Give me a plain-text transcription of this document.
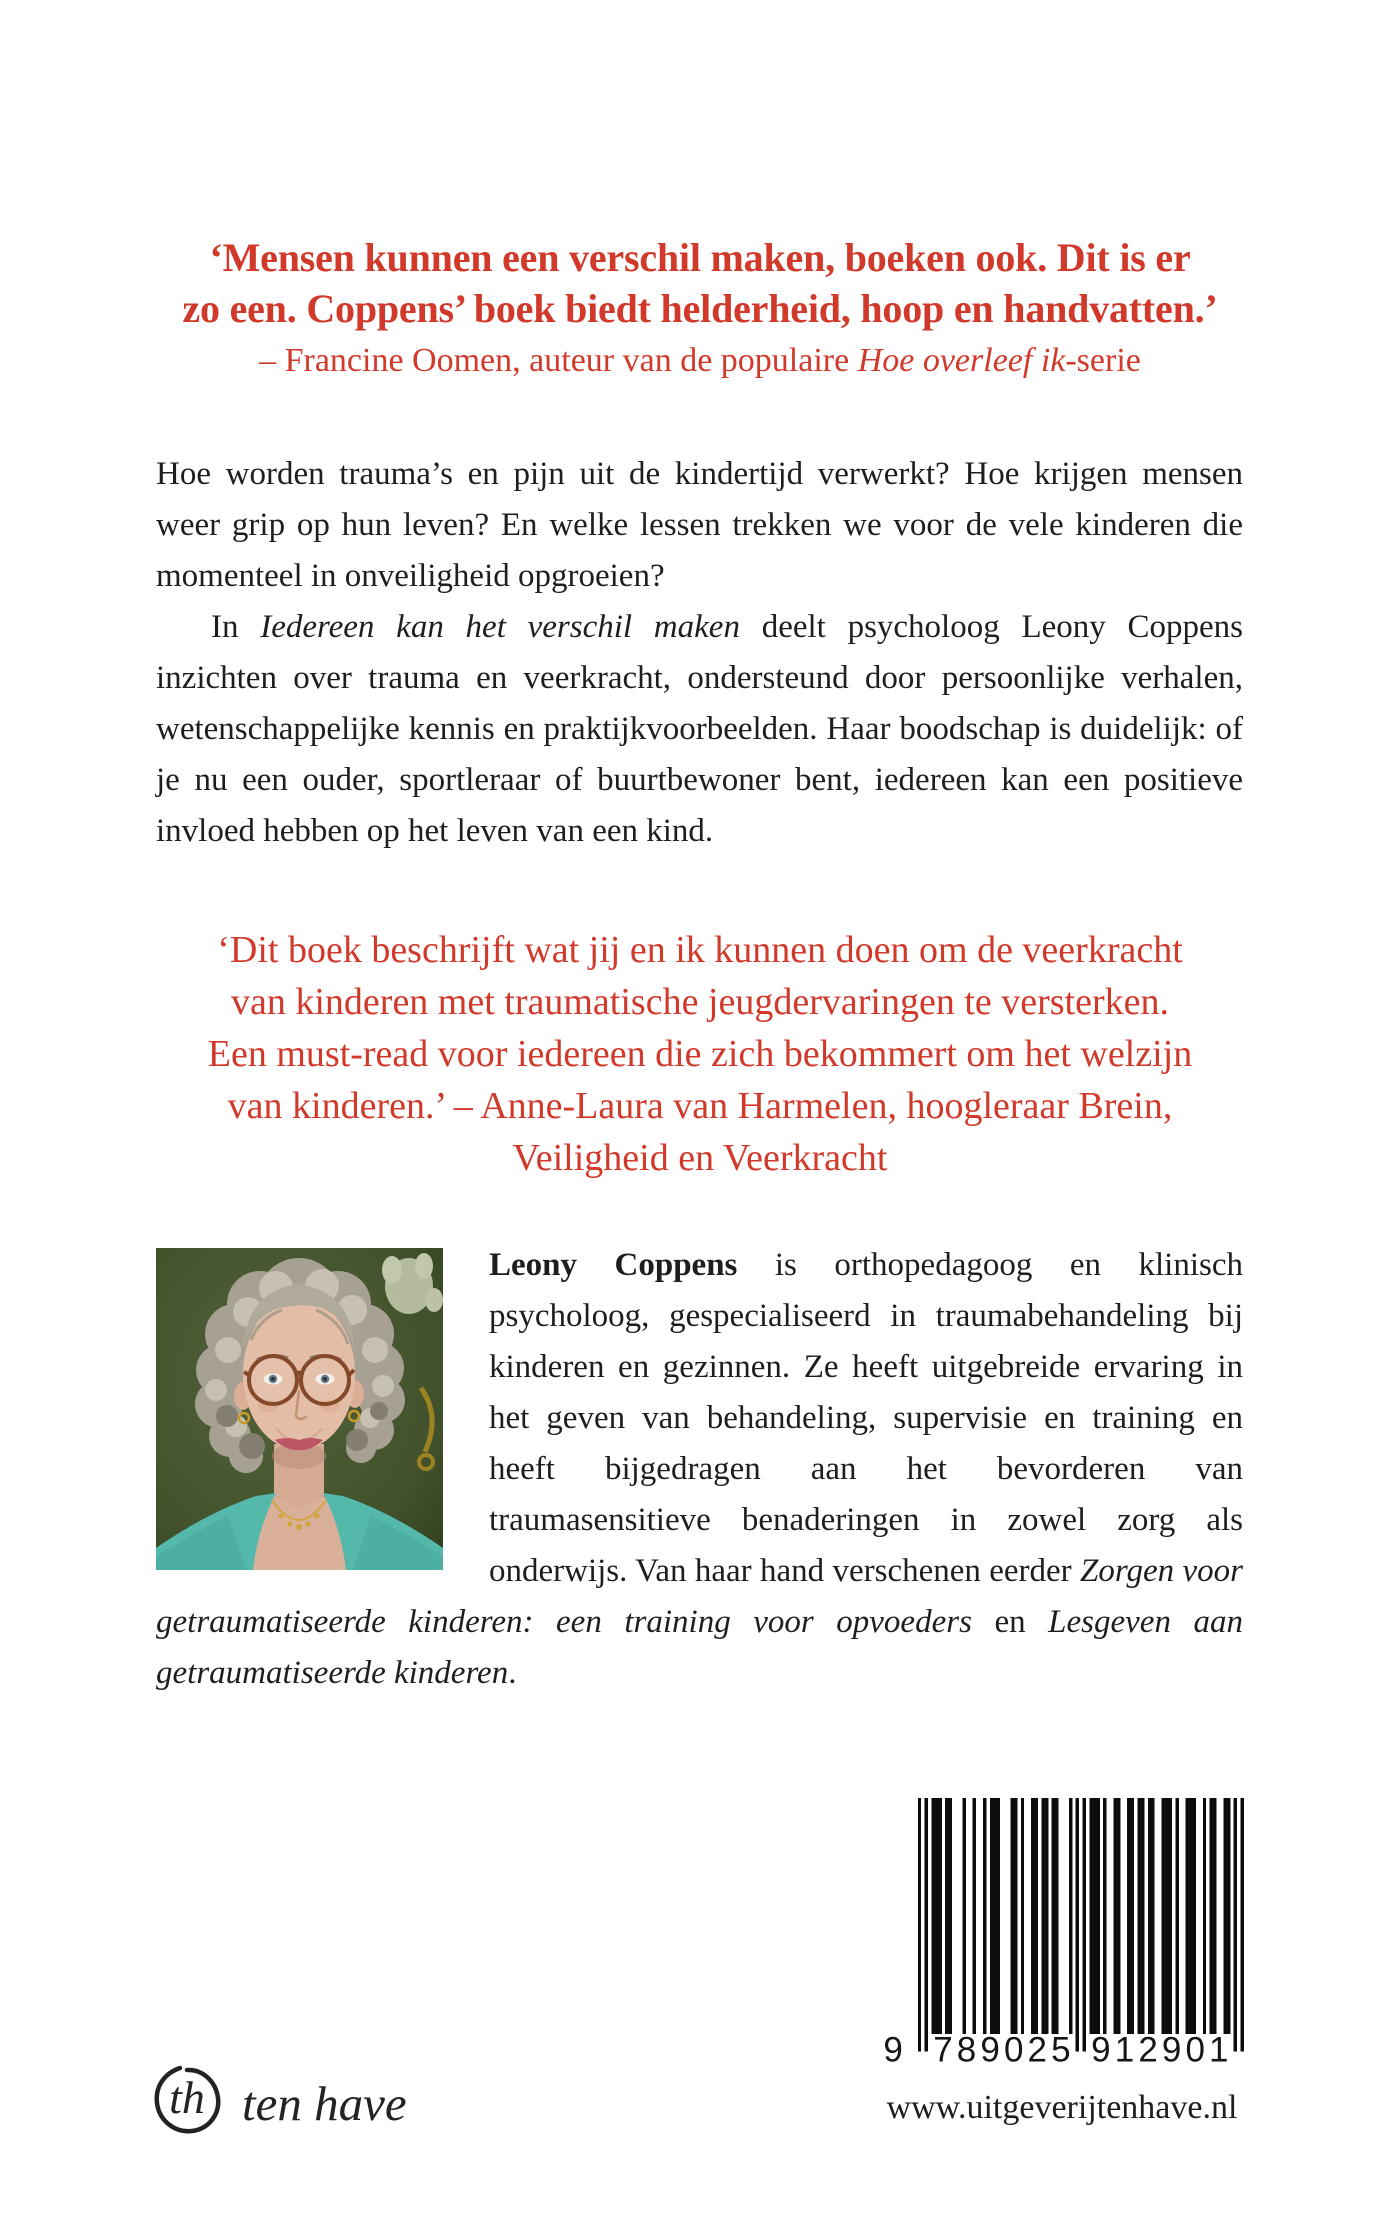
‘Mensen kunnen een verschil maken, boeken ook. Dit is er
zo een. Coppens’ boek biedt helderheid, hoop en handvatten.’
– Francine Oomen, auteur van de populaire Hoe overleef ik-serie

Hoe worden trauma’s en pijn uit de kindertijd verwerkt? Hoe krijgen mensen weer grip op hun leven? En welke lessen trekken we voor de vele kinderen die momenteel in onveiligheid opgroeien?

In Iedereen kan het verschil maken deelt psycholoog Leony Coppens inzichten over trauma en veerkracht, ondersteund door persoonlijke verhalen, wetenschappelijke kennis en praktijkvoorbeelden. Haar boodschap is duidelijk: of je nu een ouder, sportleraar of buurtbewoner bent, iedereen kan een positieve invloed hebben op het leven van een kind.

‘Dit boek beschrijft wat jij en ik kunnen doen om de veerkracht
van kinderen met traumatische jeugdervaringen te versterken.
Een must-read voor iedereen die zich bekommert om het welzijn
van kinderen.’ – Anne-Laura van Harmelen, hoogleraar Brein,
Veiligheid en Veerkracht
Leony Coppens is orthopedagoog en klinisch psycholoog, gespecialiseerd in traumabehandeling bij kinderen en gezinnen. Ze heeft uitgebreide ervaring in het geven van behandeling, supervisie en training en heeft bijgedragen aan het bevorderen van traumasensitieve benaderingen in zowel zorg als onderwijs. Van haar hand verschenen eerder Zorgen voor getraumatiseerde kinderen: een training voor opvoeders en Lesgeven aan getraumatiseerde kinderen.
9	789025 912901
www.uitgeverijtenhave.nl
th ten have
